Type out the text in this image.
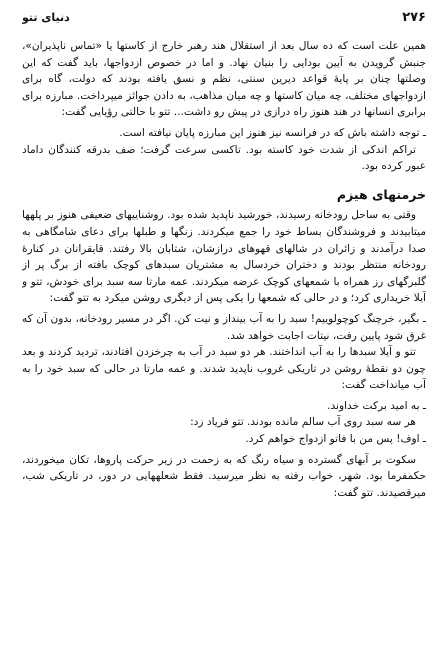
۲۷۶
دنیای تتو

همین علت است که ده سال بعد از استقلال هند رهبر خارج از کاستها یا «تماس ناپذیران»، جنبش گرویدن به آیین بودایی را بنیان نهاد. و اما در خصوص ازدواجها، باید گفت که این وصلتها چنان بر پایهٔ قواعد دیرین سنتی، نظم و نسق یافته بودند که دولت، گاه برای ازدواجهای مختلف، چه میان کاستها و چه میان مذاهب، به دادن جوائز میپرداخت. مبارزه برای برابری انسانها در هند هنوز راه درازی در پیش رو داشت... تتو با حالتی رؤیایی گفت:

ـ توجه داشته باش که در فرانسه نیز هنوز این مبارزه پایان نیافته است.

تراکم اندکی از شدت خود کاسته بود. تاکسی سرعت گرفت؛ صف بدرقه کنندگان داماد عبور کرده بود.

خرمنهای هیزم

وقتی به ساحل رودخانه رسیدند، خورشید ناپدید شده بود. روشناییهای ضعیفی هنوز بر پلهها میتابیدند و فروشندگان بساط خود را جمع میکردند. زنگها و طبلها برای دعای شامگاهی به صدا درآمدند و زائران در شالهای قهوهای درازشان، شتابان بالا رفتند. قایقرانان در کنارهٔ رودخانه منتظر بودند و دختران خردسال به مشتریان سبدهای کوچک بافته از برگ پر از گلبرگهای رز همراه با شمعهای کوچک عرضه میکردند. عمه مارتا سه سبد برای خودش، تتو و آیلا خریداری کرد؛ و در حالی که شمعها را یکی پس از دیگری روشن میکرد به تتو گفت:

ـ بگیر، خرچنگ کوچولوییم! سبد را به آب بینداز و نیت کن. اگر در مسیر رودخانه، بدون آن که غرق شود پایین رفت، نیتات اجابت خواهد شد.

تتو و آیلا سبدها را به آب انداختند. هر دو سبد در آب به چرخزدن افتادند، تردید کردند و بعد چون دو نقطهٔ روشن در تاریکی غروب ناپدید شدند. و عمه مارتا در حالی که سبد خود را به آب میانداخت گفت:

ـ به امید برکت خداوند.

هر سه سبد روی آب سالم مانده بودند. تتو فریاد زد:

ـ اوف! پس من با فاتو ازدواج خواهم کرد.

سکوت بر آبهای گسترده و سیاه رنگ که به زحمت در زیر حرکت پاروها، تکان میخوردند، حکمفرما بود. شهر، خواب رفته به نظر میرسید. فقط شعلههایی در دور، در تاریکی شب، میرقصیدند. تتو گفت:
